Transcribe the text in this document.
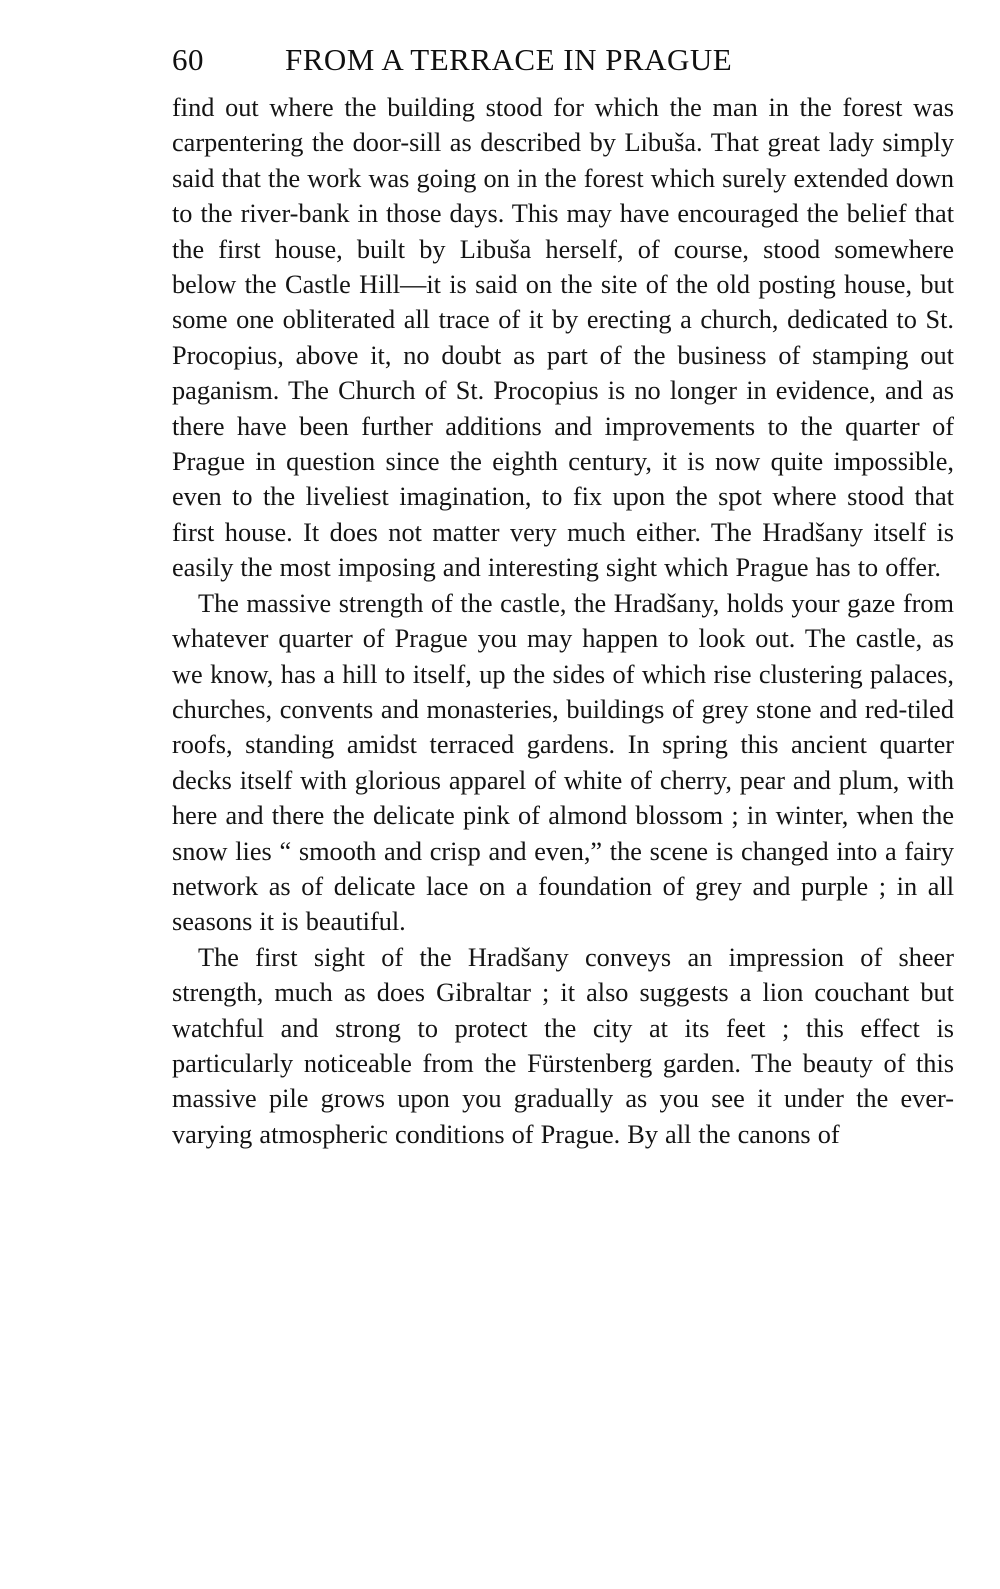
60	FROM A TERRACE IN PRAGUE

find out where the building stood for which the man in the forest was carpentering the door-sill as described by Libuša. That great lady simply said that the work was going on in the forest which surely extended down to the river-bank in those days. This may have encouraged the belief that the first house, built by Libuša herself, of course, stood somewhere below the Castle Hill—it is said on the site of the old posting house, but some one obliterated all trace of it by erecting a church, dedicated to St. Procopius, above it, no doubt as part of the business of stamping out paganism. The Church of St. Procopius is no longer in evidence, and as there have been further additions and improvements to the quarter of Prague in question since the eighth century, it is now quite impossible, even to the liveliest imagination, to fix upon the spot where stood that first house. It does not matter very much either. The Hradšany itself is easily the most imposing and interesting sight which Prague has to offer.

The massive strength of the castle, the Hradšany, holds your gaze from whatever quarter of Prague you may happen to look out. The castle, as we know, has a hill to itself, up the sides of which rise clustering palaces, churches, convents and monasteries, buildings of grey stone and red-tiled roofs, standing amidst terraced gardens. In spring this ancient quarter decks itself with glorious apparel of white of cherry, pear and plum, with here and there the delicate pink of almond blossom ; in winter, when the snow lies “ smooth and crisp and even,” the scene is changed into a fairy network as of delicate lace on a foundation of grey and purple ; in all seasons it is beautiful.

The first sight of the Hradšany conveys an impression of sheer strength, much as does Gibraltar ; it also suggests a lion couchant but watchful and strong to protect the city at its feet ; this effect is particularly noticeable from the Fürstenberg garden. The beauty of this massive pile grows upon you gradually as you see it under the ever-varying atmospheric conditions of Prague. By all the canons of
